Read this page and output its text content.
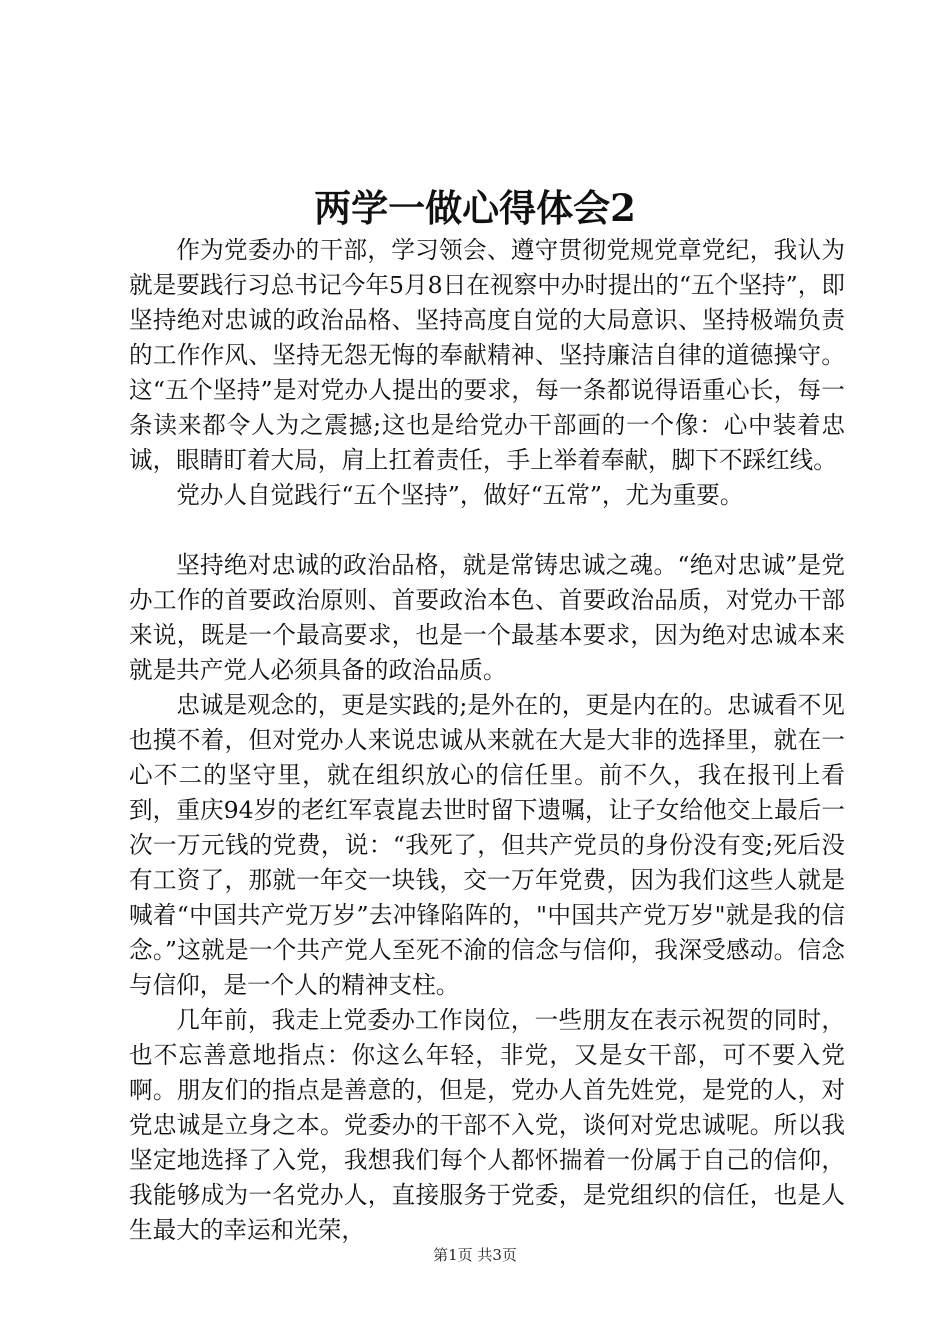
两学一做心得体会2

作为党委办的干部，学习领会、遵守贯彻党规党章党纪，我认为就是要践行习总书记今年5月8日在视察中办时提出的“五个坚持”，即坚持绝对忠诚的政治品格、坚持高度自觉的大局意识、坚持极端负责的工作作风、坚持无怨无悔的奉献精神、坚持廉洁自律的道德操守。这“五个坚持”是对党办人提出的要求，每一条都说得语重心长，每一条读来都令人为之震撼;这也是给党办干部画的一个像：心中装着忠诚，眼睛盯着大局，肩上扛着责任，手上举着奉献，脚下不踩红线。

党办人自觉践行“五个坚持”，做好“五常”，尤为重要。

坚持绝对忠诚的政治品格，就是常铸忠诚之魂。“绝对忠诚”是党办工作的首要政治原则、首要政治本色、首要政治品质，对党办干部来说，既是一个最高要求，也是一个最基本要求，因为绝对忠诚本来就是共产党人必须具备的政治品质。

忠诚是观念的，更是实践的;是外在的，更是内在的。忠诚看不见也摸不着，但对党办人来说忠诚从来就在大是大非的选择里，就在一心不二的坚守里，就在组织放心的信任里。前不久，我在报刊上看到，重庆94岁的老红军袁崑去世时留下遗嘱，让子女给他交上最后一次一万元钱的党费，说：“我死了，但共产党员的身份没有变;死后没有工资了，那就一年交一块钱，交一万年党费，因为我们这些人就是喊着“中国共产党万岁”去冲锋陷阵的，"中国共产党万岁"就是我的信念。”这就是一个共产党人至死不渝的信念与信仰，我深受感动。信念与信仰，是一个人的精神支柱。

几年前，我走上党委办工作岗位，一些朋友在表示祝贺的同时，也不忘善意地指点：你这么年轻，非党，又是女干部，可不要入党啊。朋友们的指点是善意的，但是，党办人首先姓党，是党的人，对党忠诚是立身之本。党委办的干部不入党，谈何对党忠诚呢。所以我坚定地选择了入党，我想我们每个人都怀揣着一份属于自己的信仰，我能够成为一名党办人，直接服务于党委，是党组织的信任，也是人生最大的幸运和光荣，

第1页 共3页
